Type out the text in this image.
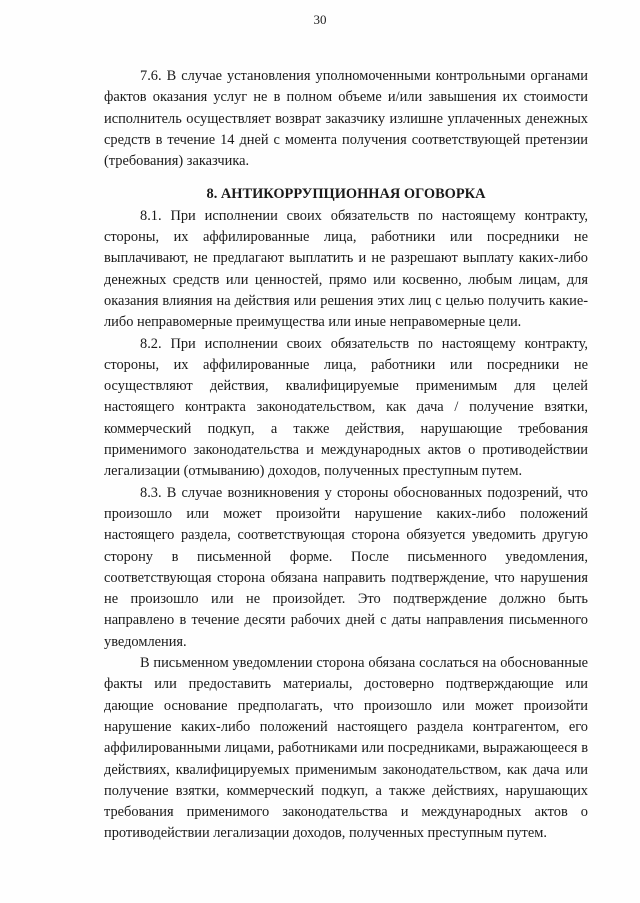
30

7.6. В случае установления уполномоченными контрольными органами фактов оказания услуг не в полном объеме и/или завышения их стоимости исполнитель осуществляет возврат заказчику излишне уплаченных денежных средств в течение 14 дней с момента получения соответствующей претензии (требования) заказчика.

8. АНТИКОРРУПЦИОННАЯ ОГОВОРКА

8.1. При исполнении своих обязательств по настоящему контракту, стороны, их аффилированные лица, работники или посредники не выплачивают, не предлагают выплатить и не разрешают выплату каких-либо денежных средств или ценностей, прямо или косвенно, любым лицам, для оказания влияния на действия или решения этих лиц с целью получить какие-либо неправомерные преимущества или иные неправомерные цели.

8.2. При исполнении своих обязательств по настоящему контракту, стороны, их аффилированные лица, работники или посредники не осуществляют действия, квалифицируемые применимым для целей настоящего контракта законодательством, как дача / получение взятки, коммерческий подкуп, а также действия, нарушающие требования применимого законодательства и международных актов о противодействии легализации (отмыванию) доходов, полученных преступным путем.

8.3. В случае возникновения у стороны обоснованных подозрений, что произошло или может произойти нарушение каких-либо положений настоящего раздела, соответствующая сторона обязуется уведомить другую сторону в письменной форме. После письменного уведомления, соответствующая сторона обязана направить подтверждение, что нарушения не произошло или не произойдет. Это подтверждение должно быть направлено в течение десяти рабочих дней с даты направления письменного уведомления.

В письменном уведомлении сторона обязана сослаться на обоснованные факты или предоставить материалы, достоверно подтверждающие или дающие основание предполагать, что произошло или может произойти нарушение каких-либо положений настоящего раздела контрагентом, его аффилированными лицами, работниками или посредниками, выражающееся в действиях, квалифицируемых применимым законодательством, как дача или получение взятки, коммерческий подкуп, а также действиях, нарушающих требования применимого законодательства и международных актов о противодействии легализации доходов, полученных преступным путем.
